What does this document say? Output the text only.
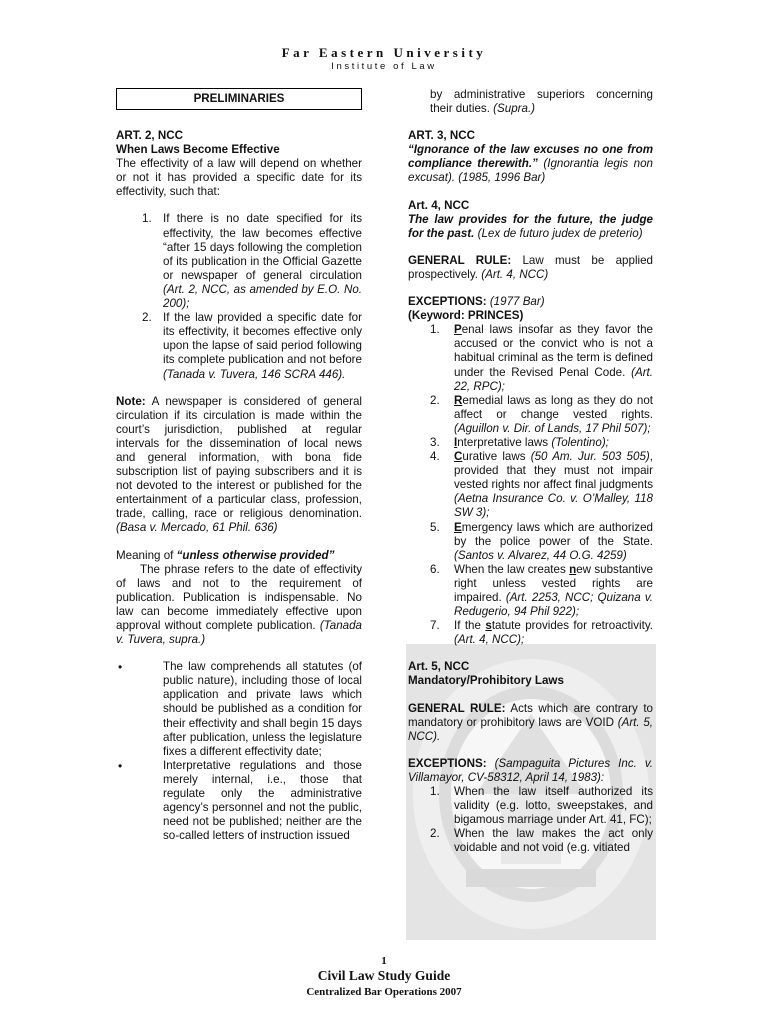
Far Eastern University
Institute of Law
PRELIMINARIES

ART. 2, NCC

When Laws Become Effective

The effectivity of a law will depend on whether or not it has provided a specific date for its effectivity, such that:

1. If there is no date specified for its effectivity, the law becomes effective “after 15 days following the completion of its publication in the Official Gazette or newspaper of general circulation (Art. 2, NCC, as amended by E.O. No. 200);
2. If the law provided a specific date for its effectivity, it becomes effective only upon the lapse of said period following its complete publication and not before (Tanada v. Tuvera, 146 SCRA 446).

Note: A newspaper is considered of general circulation if its circulation is made within the court’s jurisdiction, published at regular intervals for the dissemination of local news and general information, with bona fide subscription list of paying subscribers and it is not devoted to the interest or published for the entertainment of a particular class, profession, trade, calling, race or religious denomination. (Basa v. Mercado, 61 Phil. 636)

Meaning of “unless otherwise provided”

The phrase refers to the date of effectivity of laws and not to the requirement of publication. Publication is indispensable. No law can become immediately effective upon approval without complete publication. (Tanada v. Tuvera, supra.)

•	The law comprehends all statutes (of public nature), including those of local application and private laws which should be published as a condition for their effectivity and shall begin 15 days after publication, unless the legislature fixes a different effectivity date;
•	Interpretative regulations and those merely internal, i.e., those that regulate only the administrative agency’s personnel and not the public, need not be published; neither are the so-called letters of instruction issued

by administrative superiors concerning their duties. (Supra.)

ART. 3, NCC

“Ignorance of the law excuses no one from compliance therewith.” (Ignorantia legis non excusat). (1985, 1996 Bar)

Art. 4, NCC

The law provides for the future, the judge for the past. (Lex de futuro judex de preterio)

GENERAL RULE: Law must be applied prospectively. (Art. 4, NCC)

EXCEPTIONS: (1977 Bar)

(Keyword: PRINCES)

1. Penal laws insofar as they favor the accused or the convict who is not a habitual criminal as the term is defined under the Revised Penal Code. (Art. 22, RPC);
2. Remedial laws as long as they do not affect or change vested rights. (Aguillon v. Dir. of Lands, 17 Phil 507);
3. Interpretative laws (Tolentino);
4. Curative laws (50 Am. Jur. 503 505), provided that they must not impair vested rights nor affect final judgments (Aetna Insurance Co. v. O’Malley, 118 SW 3);
5. Emergency laws which are authorized by the police power of the State. (Santos v. Alvarez, 44 O.G. 4259)
6. When the law creates new substantive right unless vested rights are impaired. (Art. 2253, NCC; Quizana v. Redugerio, 94 Phil 922);
7. If the statute provides for retroactivity. (Art. 4, NCC);

Art. 5, NCC

Mandatory/Prohibitory Laws

GENERAL RULE: Acts which are contrary to mandatory or prohibitory laws are VOID (Art. 5, NCC).

EXCEPTIONS: (Sampaguita Pictures Inc. v. Villamayor, CV-58312, April 14, 1983):

1. When the law itself authorized its validity (e.g. lotto, sweepstakes, and bigamous marriage under Art. 41, FC);
2. When the law makes the act only voidable and not void (e.g. vitiated
1
Civil Law Study Guide
Centralized Bar Operations 2007
